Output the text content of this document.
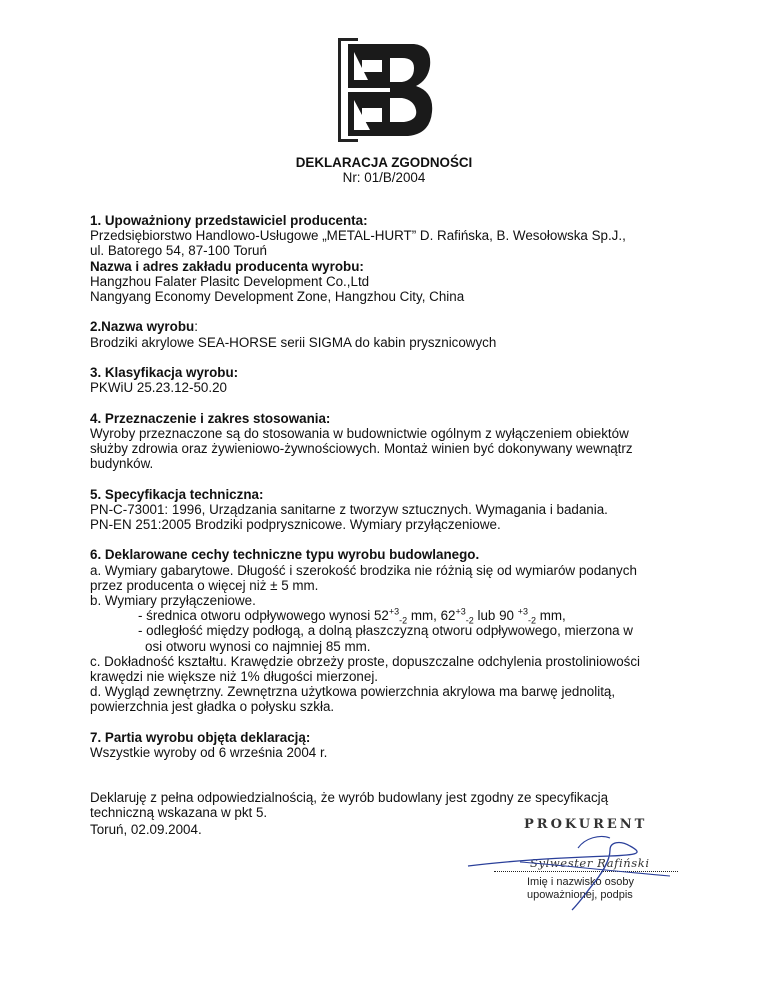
DEKLARACJA ZGODNOŚCI
Nr: 01/B/2004
1. Upoważniony przedstawiciel producenta:
Przedsiębiorstwo Handlowo-Usługowe „METAL-HURT” D. Rafińska, B. Wesołowska Sp.J.,
ul. Batorego 54, 87-100 Toruń
Nazwa i adres zakładu producenta wyrobu:
Hangzhou Falater Plasitc Development Co.,Ltd
Nangyang Economy Development Zone, Hangzhou City, China
2.Nazwa wyrobu:
Brodziki akrylowe SEA-HORSE serii SIGMA do kabin prysznicowych
3. Klasyfikacja wyrobu:
PKWiU 25.23.12-50.20
4. Przeznaczenie i zakres stosowania:
Wyroby przeznaczone są do stosowania w budownictwie ogólnym z wyłączeniem obiektów
służby zdrowia oraz żywieniowo-żywnościowych. Montaż winien być dokonywany wewnątrz
budynków.
5. Specyfikacja techniczna:
PN-C-73001: 1996, Urządzania sanitarne z tworzyw sztucznych. Wymagania i badania.
PN-EN 251:2005 Brodziki podprysznicowe. Wymiary przyłączeniowe.
6. Deklarowane cechy techniczne typu wyrobu budowlanego.
a. Wymiary gabarytowe. Długość i szerokość brodzika nie różnią się od wymiarów podanych
przez producenta o więcej niż ± 5 mm.
b. Wymiary przyłączeniowe.
- średnica otworu odpływowego wynosi $52^{+3}_{-2}$ mm, $62^{+3}_{-2}$ lub 90 $^{+3}_{-2}$ mm,
- odległość między podłogą, a dolną płaszczyzną otworu odpływowego, mierzona w
osi otworu wynosi co najmniej 85 mm.
c. Dokładność kształtu. Krawędzie obrzeży proste, dopuszczalne odchylenia prostoliniowości
krawędzi nie większe niż 1% długości mierzonej.
d. Wygląd zewnętrzny. Zewnętrzna użytkowa powierzchnia akrylowa ma barwę jednolitą,
powierzchnia jest gładka o połysku szkła.
7. Partia wyrobu objęta deklaracją:
Wszystkie wyroby od 6 września 2004 r.
Deklaruję z pełna odpowiedzialnością, że wyrób budowlany jest zgodny ze specyfikacją
techniczną wskazana w pkt 5.
Toruń, 02.09.2004.	PROKURENT
Sylwester Rafiński
Imię i nazwisko osoby
upoważnionej, podpis
